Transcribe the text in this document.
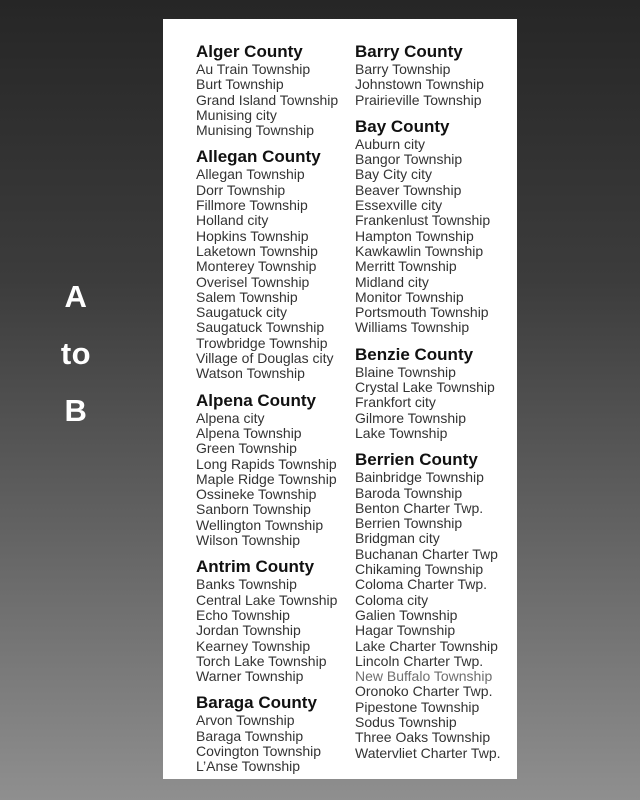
A
to
B
Alger County
Au Train Township
Burt Township
Grand Island Township
Munising city
Munising Township
Allegan County
Allegan Township
Dorr Township
Fillmore Township
Holland city
Hopkins Township
Laketown Township
Monterey Township
Overisel Township
Salem Township
Saugatuck city
Saugatuck Township
Trowbridge Township
Village of Douglas city
Watson Township
Alpena County
Alpena city
Alpena Township
Green Township
Long Rapids Township
Maple Ridge Township
Ossineke Township
Sanborn Township
Wellington Township
Wilson Township
Antrim County
Banks Township
Central Lake Township
Echo Township
Jordan Township
Kearney Township
Torch Lake Township
Warner Township
Baraga County
Arvon Township
Baraga Township
Covington Township
L’Anse Township
Barry County
Barry Township
Johnstown Township
Prairieville Township
Bay County
Auburn city
Bangor Township
Bay City city
Beaver Township
Essexville city
Frankenlust Township
Hampton Township
Kawkawlin Township
Merritt Township
Midland city
Monitor Township
Portsmouth Township
Williams Township
Benzie County
Blaine Township
Crystal Lake Township
Frankfort city
Gilmore Township
Lake Township
Berrien County
Bainbridge Township
Baroda Township
Benton Charter Twp.
Berrien Township
Bridgman city
Buchanan Charter Twp
Chikaming Township
Coloma Charter Twp.
Coloma city
Galien Township
Hagar Township
Lake Charter Township
Lincoln Charter Twp.
New Buffalo Township
Oronoko Charter Twp.
Pipestone Township
Sodus Township
Three Oaks Township
Watervliet Charter Twp.
